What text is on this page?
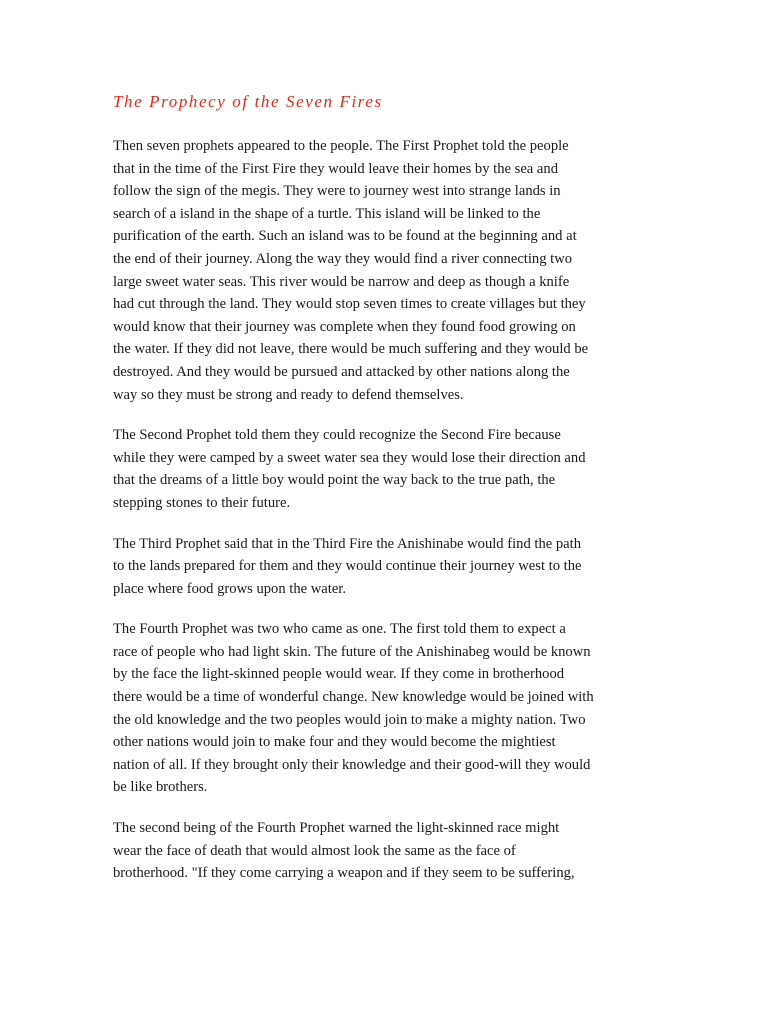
The Prophecy of the Seven Fires

Then seven prophets appeared to the people. The First Prophet told the people
that in the time of the First Fire they would leave their homes by the sea and
follow the sign of the megis. They were to journey west into strange lands in
search of a island in the shape of a turtle. This island will be linked to the
purification of the earth. Such an island was to be found at the beginning and at
the end of their journey. Along the way they would find a river connecting two
large sweet water seas. This river would be narrow and deep as though a knife
had cut through the land. They would stop seven times to create villages but they
would know that their journey was complete when they found food growing on
the water. If they did not leave, there would be much suffering and they would be
destroyed. And they would be pursued and attacked by other nations along the
way so they must be strong and ready to defend themselves.

The Second Prophet told them they could recognize the Second Fire because
while they were camped by a sweet water sea they would lose their direction and
that the dreams of a little boy would point the way back to the true path, the
stepping stones to their future.

The Third Prophet said that in the Third Fire the Anishinabe would find the path
to the lands prepared for them and they would continue their journey west to the
place where food grows upon the water.

The Fourth Prophet was two who came as one. The first told them to expect a
race of people who had light skin. The future of the Anishinabeg would be known
by the face the light-skinned people would wear. If they come in brotherhood
there would be a time of wonderful change. New knowledge would be joined with
the old knowledge and the two peoples would join to make a mighty nation. Two
other nations would join to make four and they would become the mightiest
nation of all. If they brought only their knowledge and their good-will they would
be like brothers.

The second being of the Fourth Prophet warned the light-skinned race might
wear the face of death that would almost look the same as the face of
brotherhood. "If they come carrying a weapon and if they seem to be suffering,
